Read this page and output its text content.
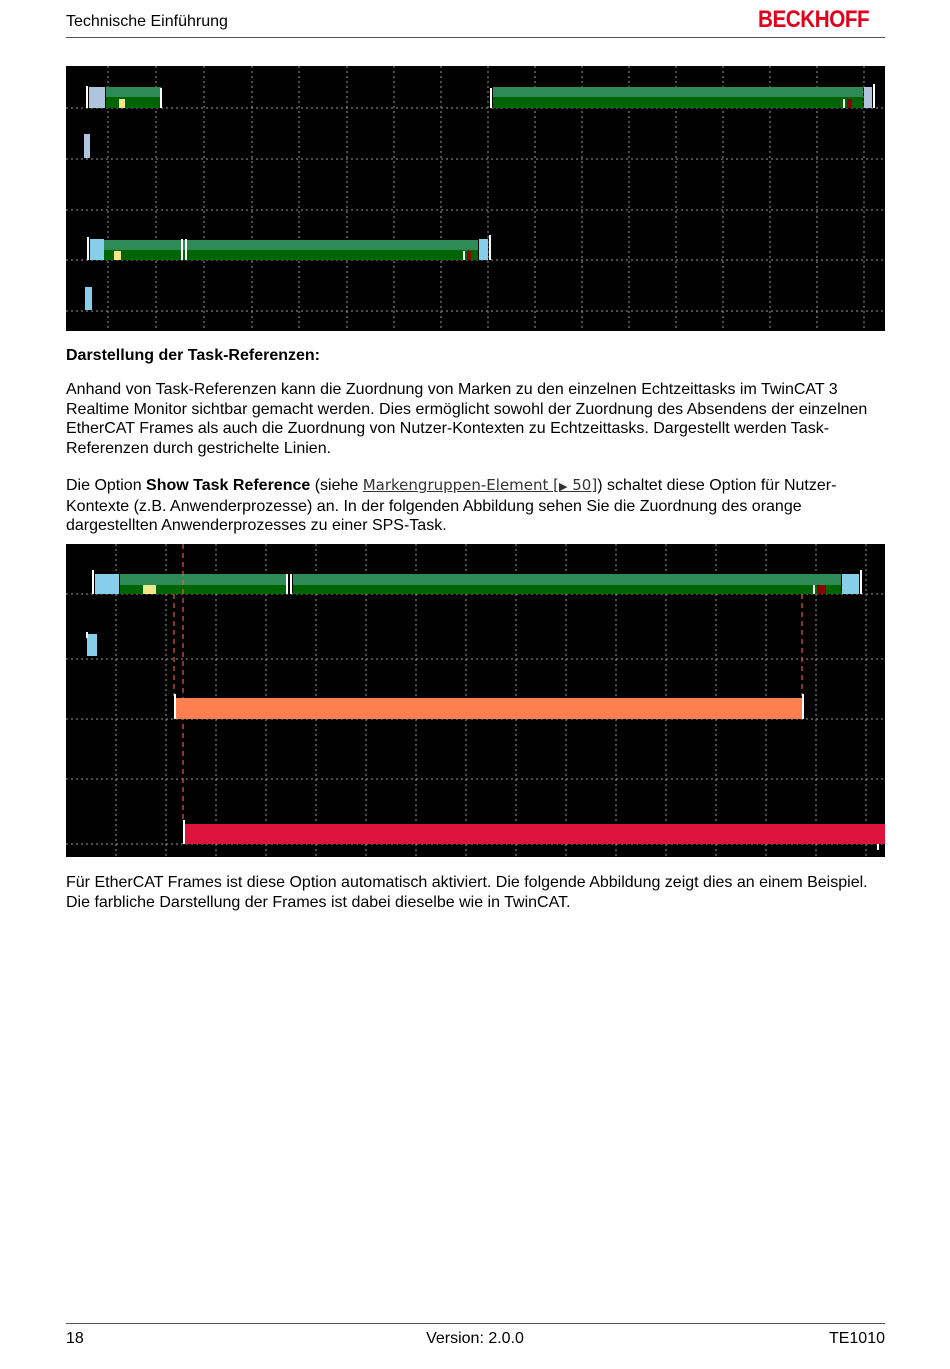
Technische Einführung	BECKHOFF
Darstellung der Task-Referenzen:
Anhand von Task-Referenzen kann die Zuordnung von Marken zu den einzelnen Echtzeittasks im TwinCAT 3 Realtime Monitor sichtbar gemacht werden. Dies ermöglicht sowohl der Zuordnung des Absendens der einzelnen EtherCAT Frames als auch die Zuordnung von Nutzer-Kontexten zu Echtzeittasks. Dargestellt werden Task-Referenzen durch gestrichelte Linien.
Die Option Show Task Reference (siehe Markengruppen-Element [▶ 50]) schaltet diese Option für Nutzer-Kontexte (z.B. Anwenderprozesse) an. In der folgenden Abbildung sehen Sie die Zuordnung des orange dargestellten Anwenderprozesses zu einer SPS-Task.
Für EtherCAT Frames ist diese Option automatisch aktiviert. Die folgende Abbildung zeigt dies an einem Beispiel. Die farbliche Darstellung der Frames ist dabei dieselbe wie in TwinCAT.
18	Version: 2.0.0	TE1010
